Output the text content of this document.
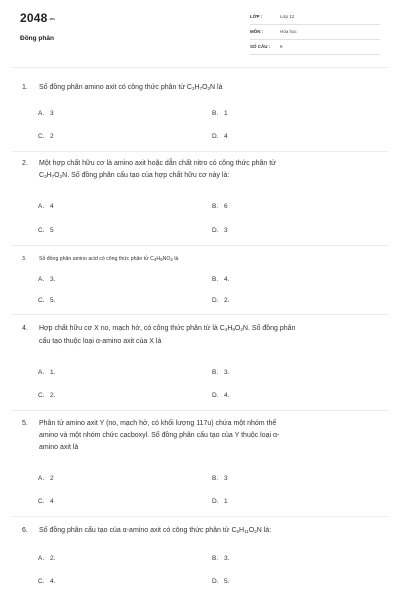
$2048_{.vn}$
Đồng phân
LỚP :	Lớp 12
MÔN :	Hóa học
SỐ CÂU : 6
1. Số đồng phân amino axit có công thức phân tử $C_3H_7O_2N$ là
A. 3	B. 1
C. 2	D. 4
2. Một hợp chất hữu cơ là amino axit hoặc dẫn chất nitro có công thức phân tử
$C_3H_7O_2N$. Số đồng phân cấu tạo của hợp chất hữu cơ này là:
A. 4	B. 6
C. 5	D. 3
3. Số đồng phân amino acid có công thức phân tử $C_4H_9NO_2$ là
A. 3.	B. 4.
C. 5.	D. 2.
4. Hợp chất hữu cơ X no, mạch hở, có công thức phân tử là $C_4H_9O_2N$. Số đồng phân
cấu tạo thuộc loại α-amino axit của X là
A. 1.	B. 3.
C. 2.	D. 4.
5. Phân tử amino axit Y (no, mạch hở, có khối lượng 117u) chứa một nhóm thế
amino và một nhóm chức cacboxyl. Số đồng phân cấu tạo của Y thuộc loại α-
amino axit là
A. 2	B. 3
C. 4	D. 1
6. Số đồng phân cấu tạo của α-amino axit có công thức phân tử $C_5H_{11}O_2N$ là:
A. 2.	B. 3.
C. 4.	D. 5.
